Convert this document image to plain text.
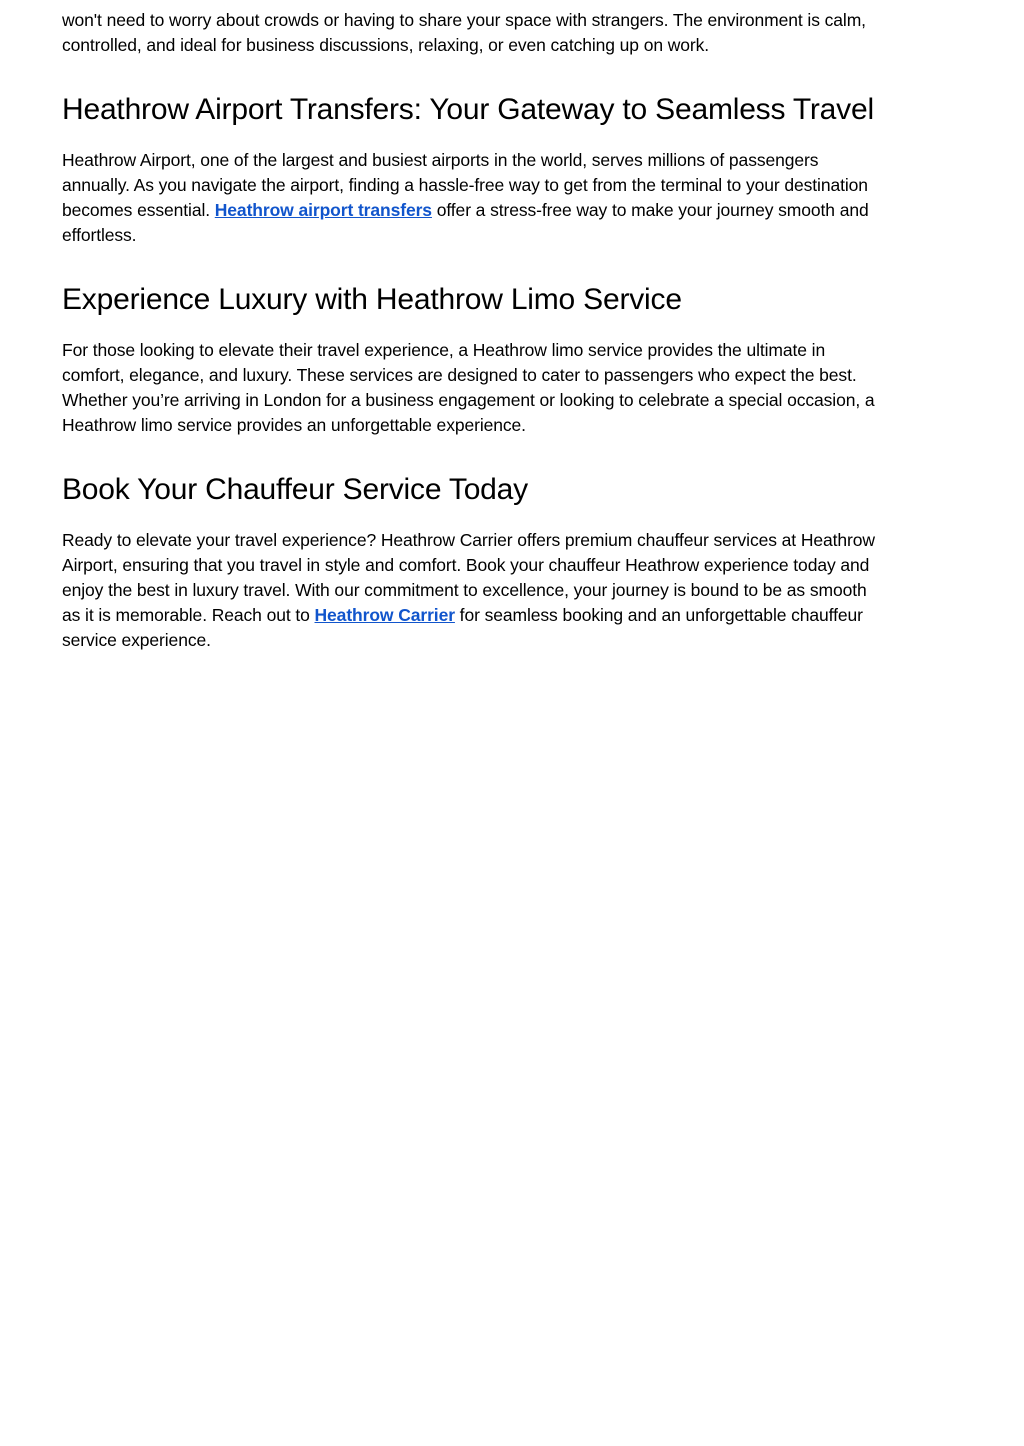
won't need to worry about crowds or having to share your space with strangers. The environment is calm,
controlled, and ideal for business discussions, relaxing, or even catching up on work.

Heathrow Airport Transfers: Your Gateway to Seamless Travel

Heathrow Airport, one of the largest and busiest airports in the world, serves millions of passengers
annually. As you navigate the airport, finding a hassle-free way to get from the terminal to your destination
becomes essential. Heathrow airport transfers offer a stress-free way to make your journey smooth and
effortless.

Experience Luxury with Heathrow Limo Service

For those looking to elevate their travel experience, a Heathrow limo service provides the ultimate in
comfort, elegance, and luxury. These services are designed to cater to passengers who expect the best.
Whether you’re arriving in London for a business engagement or looking to celebrate a special occasion, a
Heathrow limo service provides an unforgettable experience.

Book Your Chauffeur Service Today

Ready to elevate your travel experience? Heathrow Carrier offers premium chauffeur services at Heathrow
Airport, ensuring that you travel in style and comfort. Book your chauffeur Heathrow experience today and
enjoy the best in luxury travel. With our commitment to excellence, your journey is bound to be as smooth
as it is memorable. Reach out to Heathrow Carrier for seamless booking and an unforgettable chauffeur
service experience.
